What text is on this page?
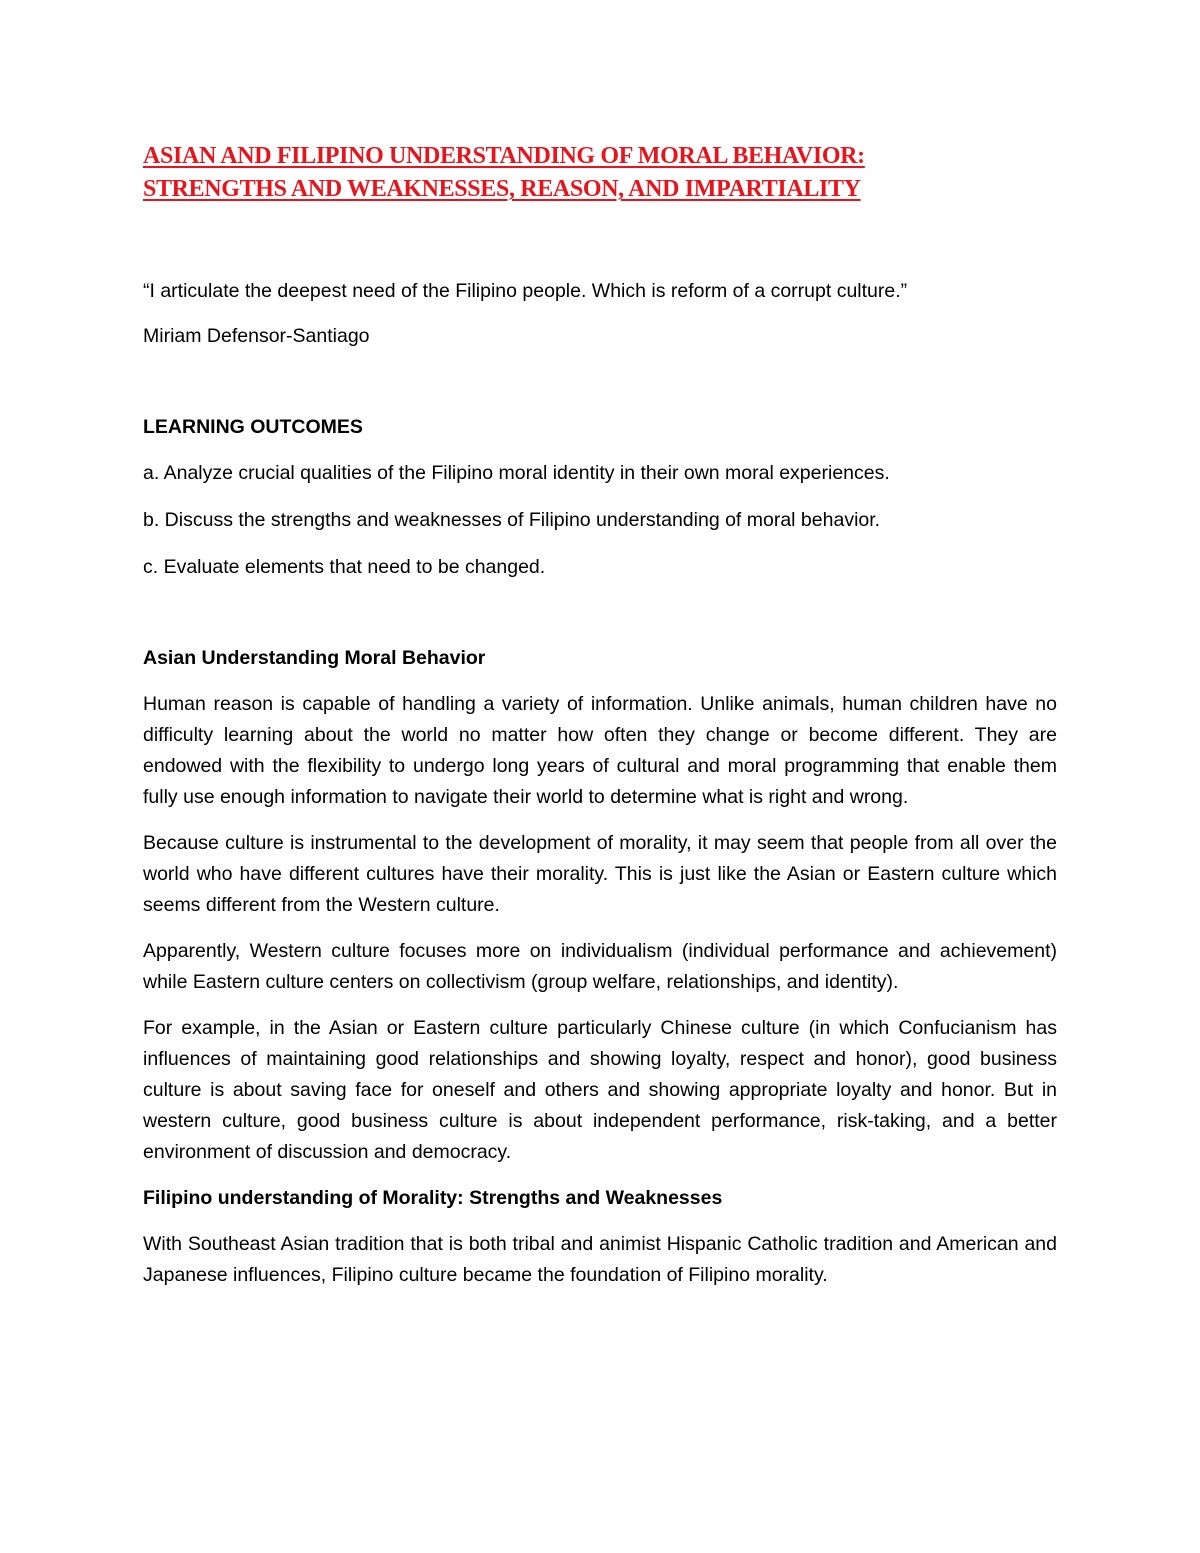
ASIAN AND FILIPINO UNDERSTANDING OF MORAL BEHAVIOR:
STRENGTHS AND WEAKNESSES, REASON, AND IMPARTIALITY

“I articulate the deepest need of the Filipino people. Which is reform of a corrupt culture.”

Miriam Defensor-Santiago

LEARNING OUTCOMES

a. Analyze crucial qualities of the Filipino moral identity in their own moral experiences.

b. Discuss the strengths and weaknesses of Filipino understanding of moral behavior.

c. Evaluate elements that need to be changed.

Asian Understanding Moral Behavior

Human reason is capable of handling a variety of information. Unlike animals, human children have no difficulty learning about the world no matter how often they change or become different. They are endowed with the flexibility to undergo long years of cultural and moral programming that enable them fully use enough information to navigate their world to determine what is right and wrong.

Because culture is instrumental to the development of morality, it may seem that people from all over the world who have different cultures have their morality. This is just like the Asian or Eastern culture which seems different from the Western culture.

Apparently, Western culture focuses more on individualism (individual performance and achievement) while Eastern culture centers on collectivism (group welfare, relationships, and identity).

For example, in the Asian or Eastern culture particularly Chinese culture (in which Confucianism has influences of maintaining good relationships and showing loyalty, respect and honor), good business culture is about saving face for oneself and others and showing appropriate loyalty and honor. But in western culture, good business culture is about independent performance, risk-taking, and a better environment of discussion and democracy.

Filipino understanding of Morality: Strengths and Weaknesses

With Southeast Asian tradition that is both tribal and animist Hispanic Catholic tradition and American and Japanese influences, Filipino culture became the foundation of Filipino morality.
